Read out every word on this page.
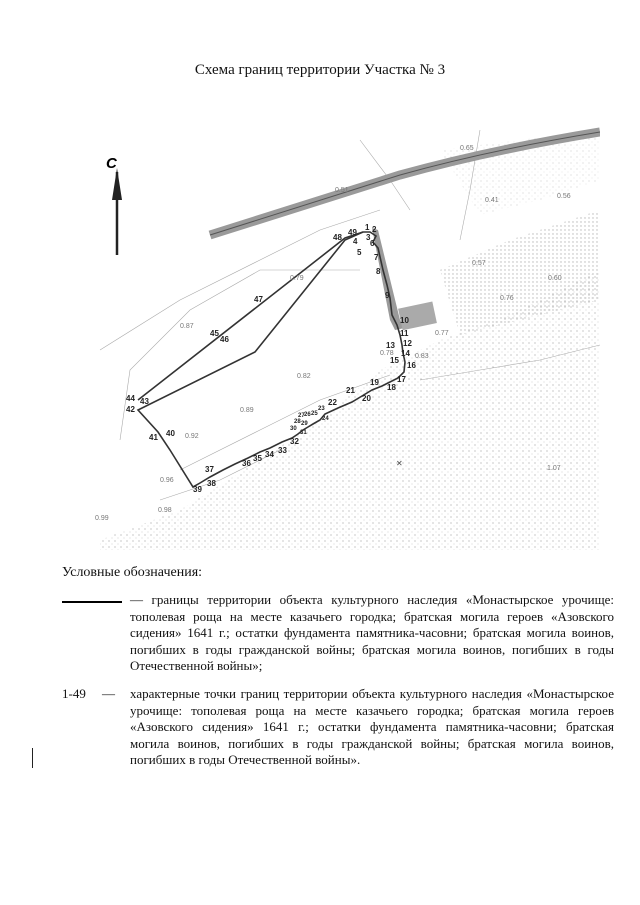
Схема границ территории Участка № 3
С
0.65
0.51
0.41
0.56
0.57
0.60
0.79
0.87
0.78
0.77
0.83
0.82
0.89
0.92
0.96
0.99
0.98
1.07
0.76
1 2
3
4
5
6
7
8
9
10
11
12
13
14
15
16
17
18
19
20
21
22
23
24
25
26
27
28 29
30
31
32
33
34
35
36
37
38
39
40
41
42
43
44
45
46
47
48
49
✕
Условные обозначения:
— границы территории объекта культурного наследия «Монастырское урочище: тополевая роща на месте казачьего городка; братская могила героев «Азовского сидения» 1641 г.; остатки фундамента памятника-часовни; братская могила воинов, погибших в годы гражданской войны; братская могила воинов, погибших в годы Отечественной войны»;
1-49 — характерные точки границ территории объекта культурного наследия «Монастырское урочище: тополевая роща на месте казачьего городка; братская могила героев «Азовского сидения» 1641 г.; остатки фундамента памятника-часовни; братская могила воинов, погибших в годы гражданской войны; братская могила воинов, погибших в годы Отечественной войны».
